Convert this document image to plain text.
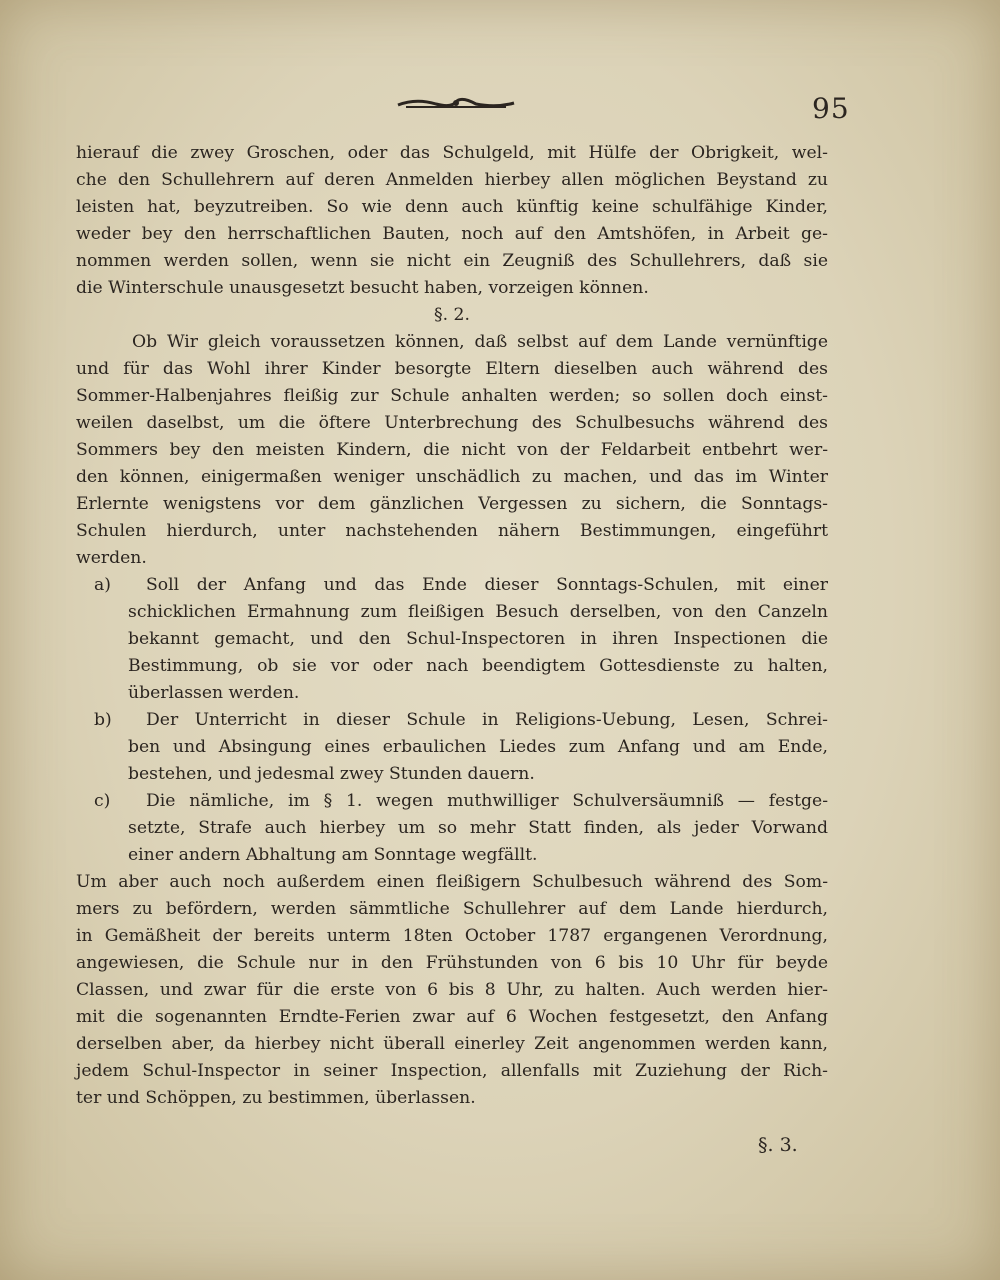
95
hierauf die zwey Groschen, oder das Schulgeld, mit Hülfe der Obrigkeit, wel-
che den Schullehrern auf deren Anmelden hierbey allen möglichen Beystand zu
leisten hat, beyzutreiben. So wie denn auch künftig keine schulfähige Kinder,
weder bey den herrschaftlichen Bauten, noch auf den Amtshöfen, in Arbeit ge-
nommen werden sollen, wenn sie nicht ein Zeugniß des Schullehrers, daß sie
die Winterschule unausgesetzt besucht haben, vorzeigen können.
§. 2.
Ob Wir gleich voraussetzen können, daß selbst auf dem Lande vernünftige
und für das Wohl ihrer Kinder besorgte Eltern dieselben auch während des
Sommer-Halbenjahres fleißig zur Schule anhalten werden; so sollen doch einst-
weilen daselbst, um die öftere Unterbrechung des Schulbesuchs während des
Sommers bey den meisten Kindern, die nicht von der Feldarbeit entbehrt wer-
den können, einigermaßen weniger unschädlich zu machen, und das im Winter
Erlernte wenigstens vor dem gänzlichen Vergessen zu sichern, die Sonntags-
Schulen hierdurch, unter nachstehenden nähern Bestimmungen, eingeführt
werden.
a)	Soll der Anfang und das Ende dieser Sonntags-Schulen, mit einer
schicklichen Ermahnung zum fleißigen Besuch derselben, von den Canzeln
bekannt gemacht, und den Schul-Inspectoren in ihren Inspectionen die
Bestimmung, ob sie vor oder nach beendigtem Gottesdienste zu halten,
überlassen werden.
b)	Der Unterricht in dieser Schule in Religions-Uebung, Lesen, Schrei-
ben und Absingung eines erbaulichen Liedes zum Anfang und am Ende,
bestehen, und jedesmal zwey Stunden dauern.
c)	Die nämliche, im § 1. wegen muthwilliger Schulversäumniß — festge-
setzte, Strafe auch hierbey um so mehr Statt finden, als jeder Vorwand
einer andern Abhaltung am Sonntage wegfällt.
Um aber auch noch außerdem einen fleißigern Schulbesuch während des Som-
mers zu befördern, werden sämmtliche Schullehrer auf dem Lande hierdurch,
in Gemäßheit der bereits unterm 18ten October 1787 ergangenen Verordnung,
angewiesen, die Schule nur in den Frühstunden von 6 bis 10 Uhr für beyde
Classen, und zwar für die erste von 6 bis 8 Uhr, zu halten. Auch werden hier-
mit die sogenannten Erndte-Ferien zwar auf 6 Wochen festgesetzt, den Anfang
derselben aber, da hierbey nicht überall einerley Zeit angenommen werden kann,
jedem Schul-Inspector in seiner Inspection, allenfalls mit Zuziehung der Rich-
ter und Schöppen, zu bestimmen, überlassen.
§. 3.
